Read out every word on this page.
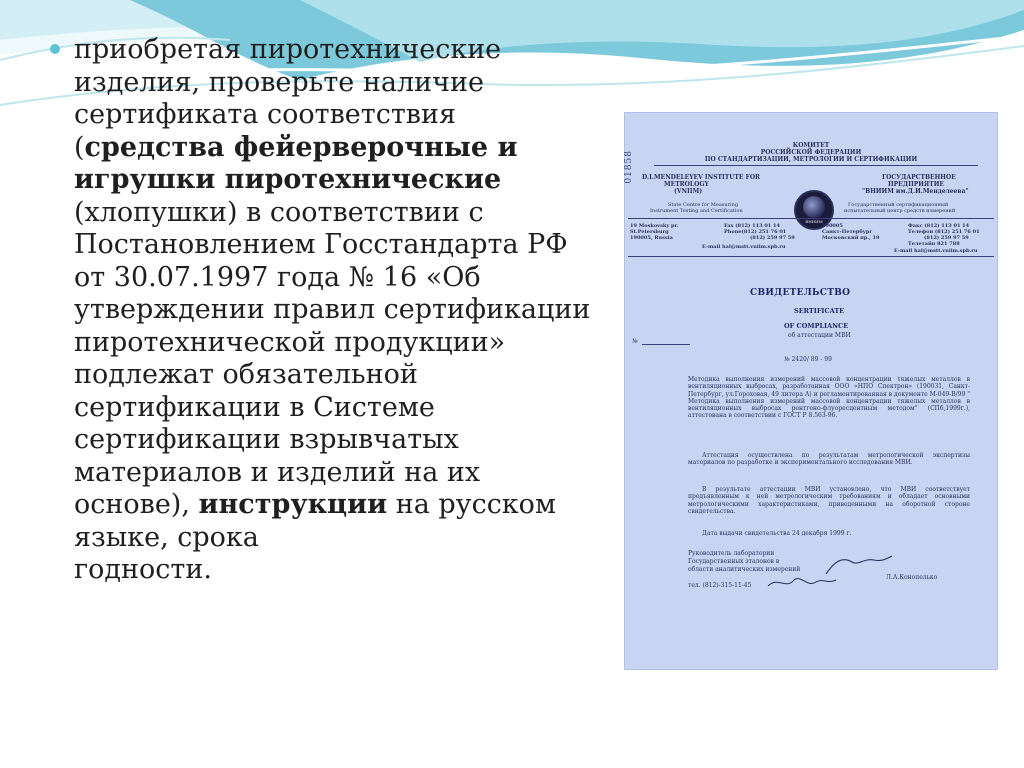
приобретая пиротехнические изделия, проверьте наличие сертификата соответствия (средства фейерверочные и игрушки пиротехнические (хлопушки) в соответствии с Постановлением Госстандарта РФ

от 30.07.1997 года № 16 «Об утверждении правил сертификации пиротехнической продукции» подлежат обязательной сертификации в Системе сертификации взрывчатых

материалов и изделий на их основе), инструкции на русском языке, срока

годности.

01858
КОМИТЕТ
РОССИЙСКОЙ ФЕДЕРАЦИИ
ПО СТАНДАРТИЗАЦИИ, МЕТРОЛОГИИ И СЕРТИФИКАЦИИ
D.I.MENDELEYEV INSTITUTE FOR
METROLOGY
(VNIIM)
State Centre for Measuring
Instrument Testing and Certification
ВНИИМ
ГОСУДАРСТВЕННОЕ
ПРЕДПРИЯТИЕ
"ВНИИМ им.Д.И.Менделеева"
Государственный сертификационный
испытательный центр средств измерений
19 Moskovsky pr.
St.Petersburg
190005, Russia
Fax (812) 113 01 14
Phone(812) 251 76 01
(812) 259 97 59
E-mail hal@mstt.vniim.spb.ru
190005
Санкт-Петербург
Московский пр., 19
Факс (812) 113 01 14
Телефон (812) 251 76 01
(812) 259 97 59
Телетайп 821 788
E-mail hal@mstt.vniim.spb.ru
СВИДЕТЕЛЬСТВО
SERTIFICATE
OF COMPLIANCE
об аттестации МВИ
№
№ 2420/ 89 - 99
Методика выполнения измерений массовой концентрации тяжелых металлов в вентиляционных выбросах, разработанная ООО «НПО Спектрон» (190031, Санкт-Петербург, ул.Гороховая, 49 литера А) и регламентированная в документе М-049-В/99 " Методика выполнения измерений массовой концентрации тяжелых металлов в вентиляционных выбросах рентгено-флуоресцентным методом" (СПб,1999г.), аттестована в соответствии с ГОСТ Р 8.563-96.
Аттестация осуществлена по результатам метрологической экспертизы материалов по разработке и экспериментального исследования МВИ.
В результате аттестации МВИ установлено, что МВИ соответствует предъявленным к ней метрологическим требованиям и обладает основными метрологическими характеристиками, приведенными на оборотной стороне свидетельства.
Дата выдачи свидетельства 24 декабря 1999 г.
Руководитель лаборатории
Государственных эталонов в
области аналитических измерений
тел. (812)-315-11-45
Л.А.Конопелько
